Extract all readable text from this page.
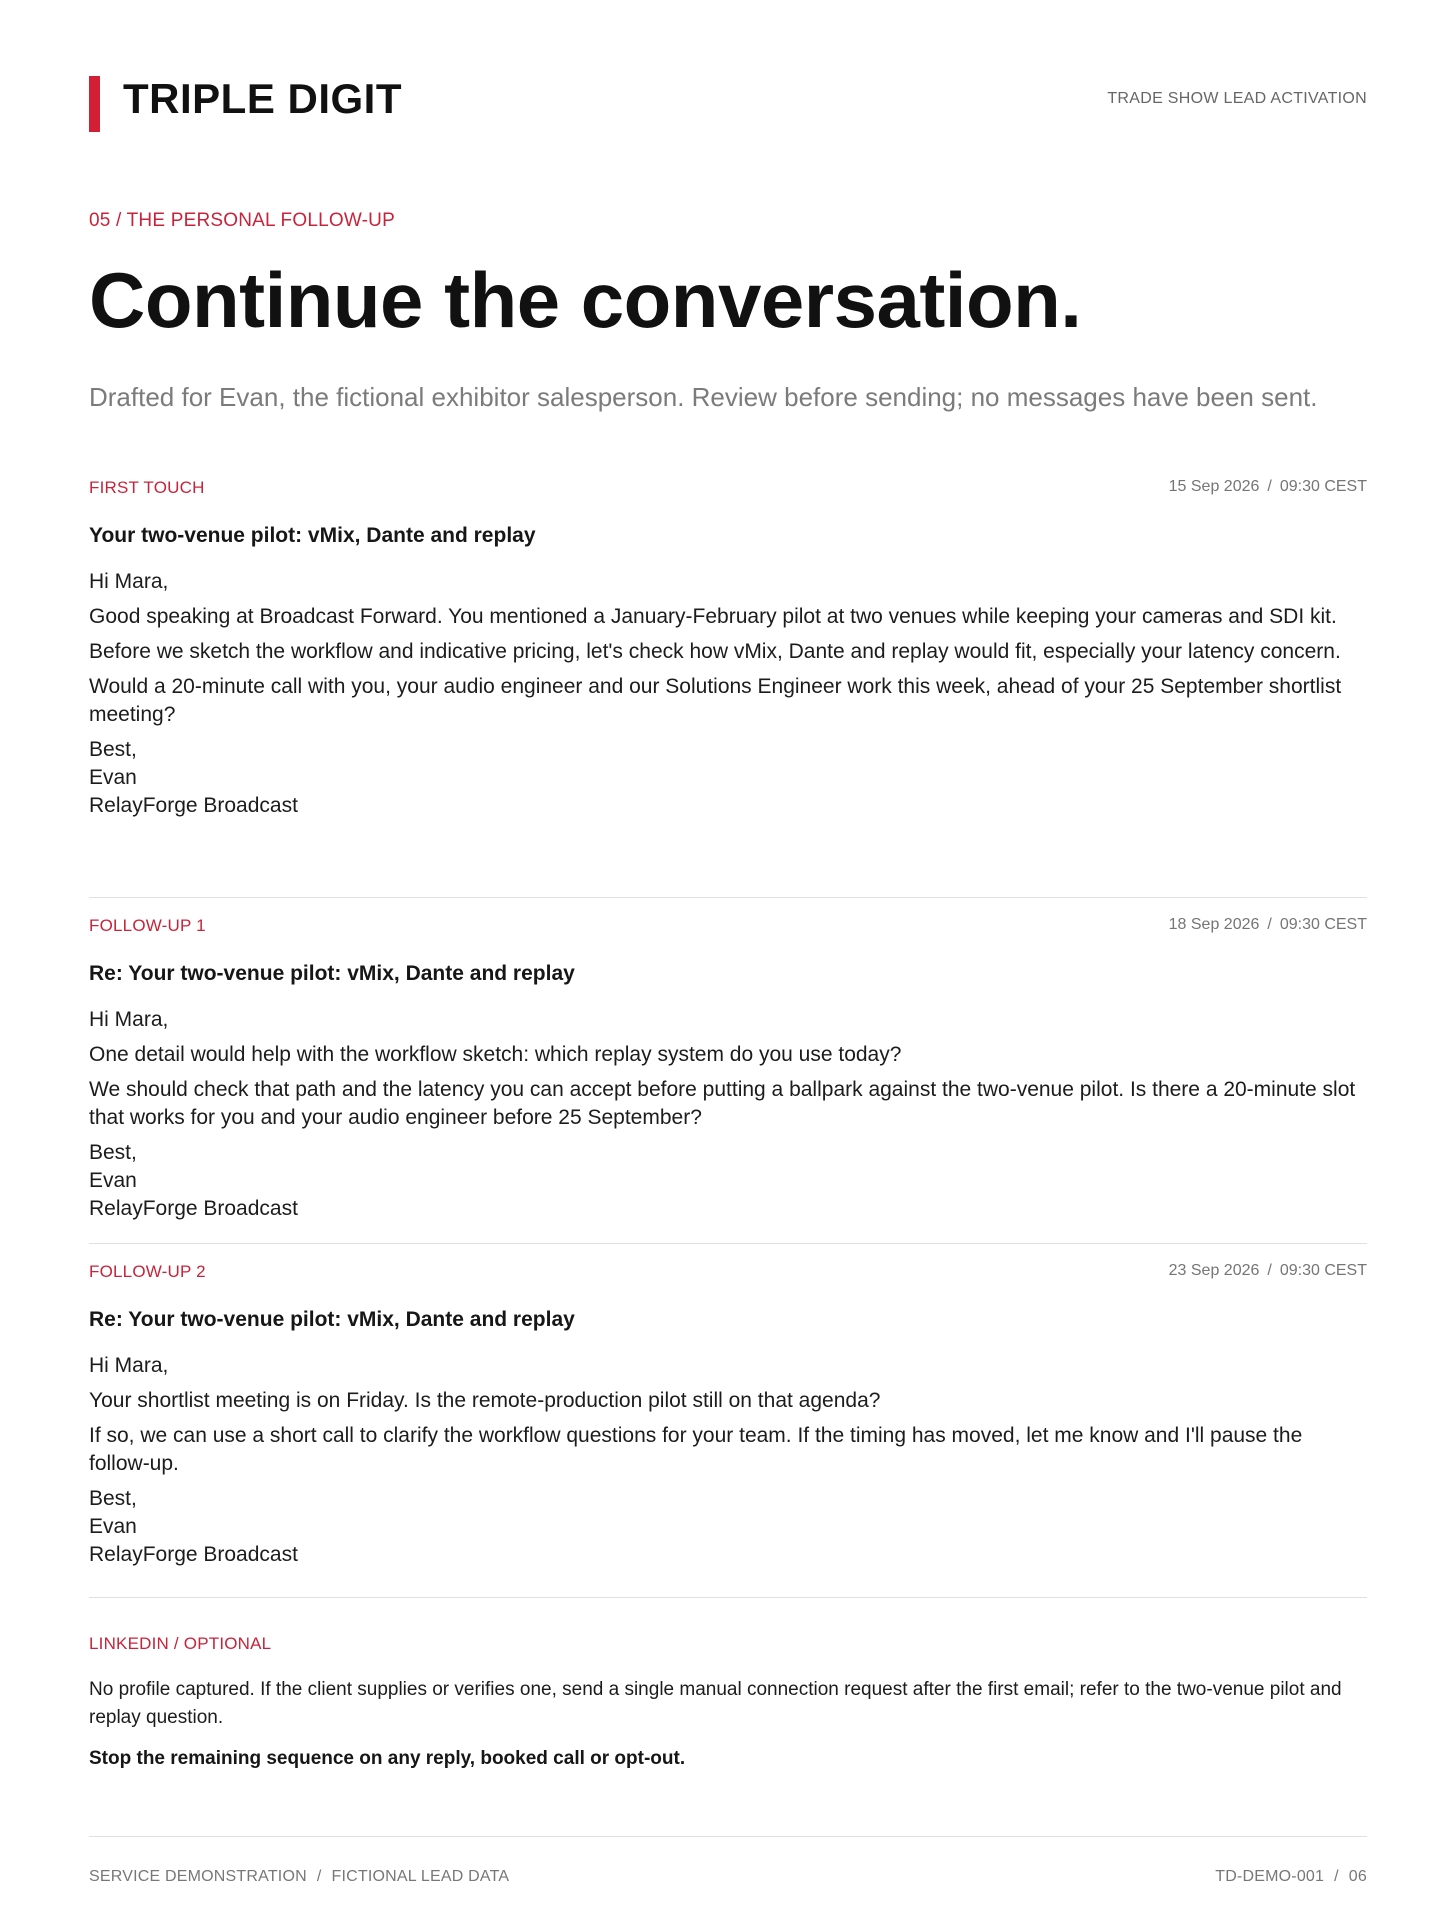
TRIPLE DIGIT	TRADE SHOW LEAD ACTIVATION
05 / THE PERSONAL FOLLOW-UP
Continue the conversation.
Drafted for Evan, the fictional exhibitor salesperson. Review before sending; no messages have been sent.
FIRST TOUCH	15 Sep 2026 / 09:30 CEST
Your two-venue pilot: vMix, Dante and replay

Hi Mara,

Good speaking at Broadcast Forward. You mentioned a January-February pilot at two venues while keeping your cameras and SDI kit.

Before we sketch the workflow and indicative pricing, let's check how vMix, Dante and replay would fit, especially your latency concern.

Would a 20-minute call with you, your audio engineer and our Solutions Engineer work this week, ahead of your 25 September shortlist meeting?

Best,
Evan
RelayForge Broadcast
FOLLOW-UP 1	18 Sep 2026 / 09:30 CEST
Re: Your two-venue pilot: vMix, Dante and replay

Hi Mara,

One detail would help with the workflow sketch: which replay system do you use today?

We should check that path and the latency you can accept before putting a ballpark against the two-venue pilot. Is there a 20-minute slot that works for you and your audio engineer before 25 September?

Best,
Evan
RelayForge Broadcast
FOLLOW-UP 2	23 Sep 2026 / 09:30 CEST
Re: Your two-venue pilot: vMix, Dante and replay

Hi Mara,

Your shortlist meeting is on Friday. Is the remote-production pilot still on that agenda?

If so, we can use a short call to clarify the workflow questions for your team. If the timing has moved, let me know and I'll pause the follow-up.

Best,
Evan
RelayForge Broadcast
LINKEDIN / OPTIONAL
No profile captured. If the client supplies or verifies one, send a single manual connection request after the first email; refer to the two-venue pilot and replay question.
Stop the remaining sequence on any reply, booked call or opt-out.
SERVICE DEMONSTRATION / FICTIONAL LEAD DATA	TD-DEMO-001 / 06
